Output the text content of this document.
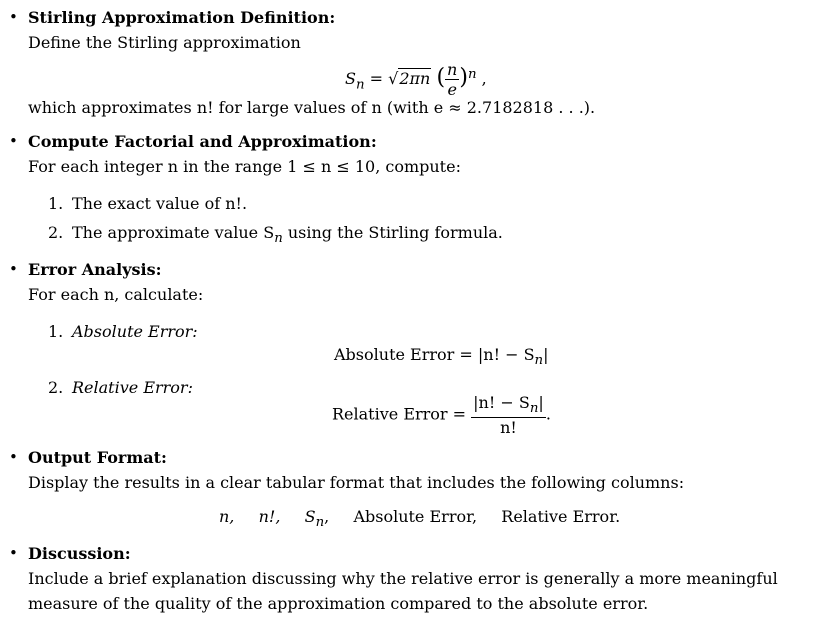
• Stirling Approximation Definition:
Define the Stirling approximation
$S_n = √2\pi n$ ( $\frac{n}{e} )^n$ ,
which approximates n! for large values of n (with e ≈ 2.7182818 . . .).
• Compute Factorial and Approximation:
For each integer n in the range 1 ≤ n ≤ 10, compute:
1. The exact value of n!.
2. The approximate value $S_n$ using the Stirling formula.
• Error Analysis:
For each n, calculate:
1. Absolute Error:
Absolute Error = |n! − $S_n|$
2. Relative Error:
Relative Error = $\frac{|n! - S_n|}{n!}$ .
• Output Format:
Display the results in a clear tabular format that includes the following columns:
n, n!, $S_n$, Absolute Error, Relative Error.
• Discussion:
Include a brief explanation discussing why the relative error is generally a more meaningful
measure of the quality of the approximation compared to the absolute error.
